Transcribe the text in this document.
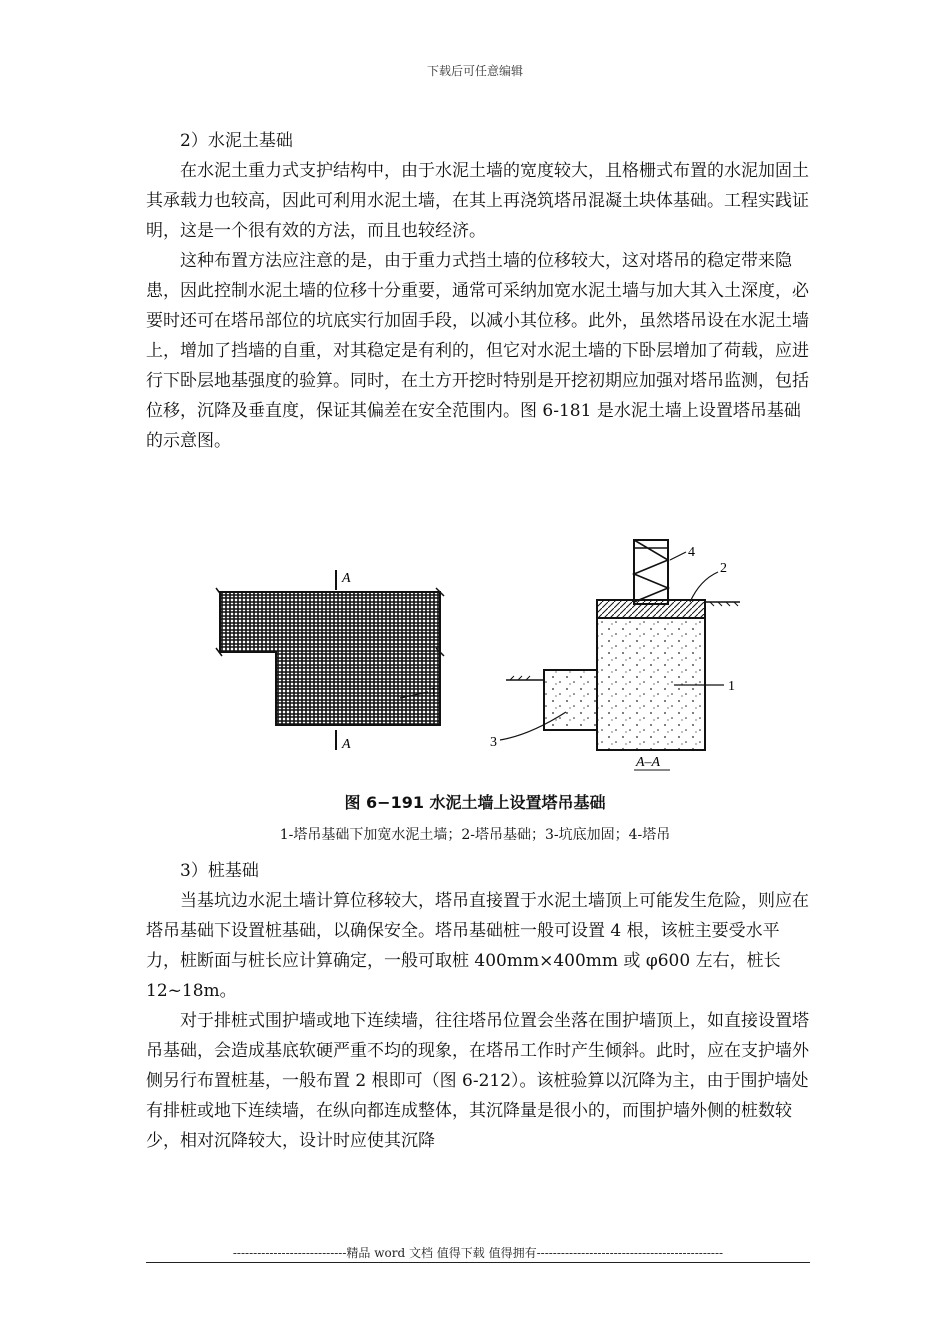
下载后可任意编辑

2）水泥土基础

在水泥土重力式支护结构中，由于水泥土墙的宽度较大，且格栅式布置的水泥加固土其承载力也较高，因此可利用水泥土墙，在其上再浇筑塔吊混凝土块体基础。工程实践证明，这是一个很有效的方法，而且也较经济。

这种布置方法应注意的是，由于重力式挡土墙的位移较大，这对塔吊的稳定带来隐患，因此控制水泥土墙的位移十分重要，通常可采纳加宽水泥土墙与加大其入土深度，必要时还可在塔吊部位的坑底实行加固手段，以减小其位移。此外，虽然塔吊设在水泥土墙上，增加了挡墙的自重，对其稳定是有利的，但它对水泥土墙的下卧层增加了荷载，应进行下卧层地基强度的验算。同时，在土方开挖时特别是开挖初期应加强对塔吊监测，包括位移，沉降及垂直度，保证其偏差在安全范围内。图 6-181 是水泥土墙上设置塔吊基础的示意图。

A
A
1
4
2
1
3
A–A
图 6−191 水泥土墙上设置塔吊基础
1-塔吊基础下加宽水泥土墙；2-塔吊基础；3-坑底加固；4-塔吊

3）桩基础

当基坑边水泥土墙计算位移较大，塔吊直接置于水泥土墙顶上可能发生危险，则应在塔吊基础下设置桩基础，以确保安全。塔吊基础桩一般可设置 4 根，该桩主要受水平力，桩断面与桩长应计算确定，一般可取桩 400mm×400mm 或 φ600 左右，桩长 12~18m。

对于排桩式围护墙或地下连续墙，往往塔吊位置会坐落在围护墙顶上，如直接设置塔吊基础，会造成基底软硬严重不均的现象，在塔吊工作时产生倾斜。此时，应在支护墙外侧另行布置桩基，一般布置 2 根即可（图 6-212）。该桩验算以沉降为主，由于围护墙处有排桩或地下连续墙，在纵向都连成整体，其沉降量是很小的，而围护墙外侧的桩数较少，相对沉降较大，设计时应使其沉降

----------------------------精品 word 文档 值得下载 值得拥有----------------------------------------------
